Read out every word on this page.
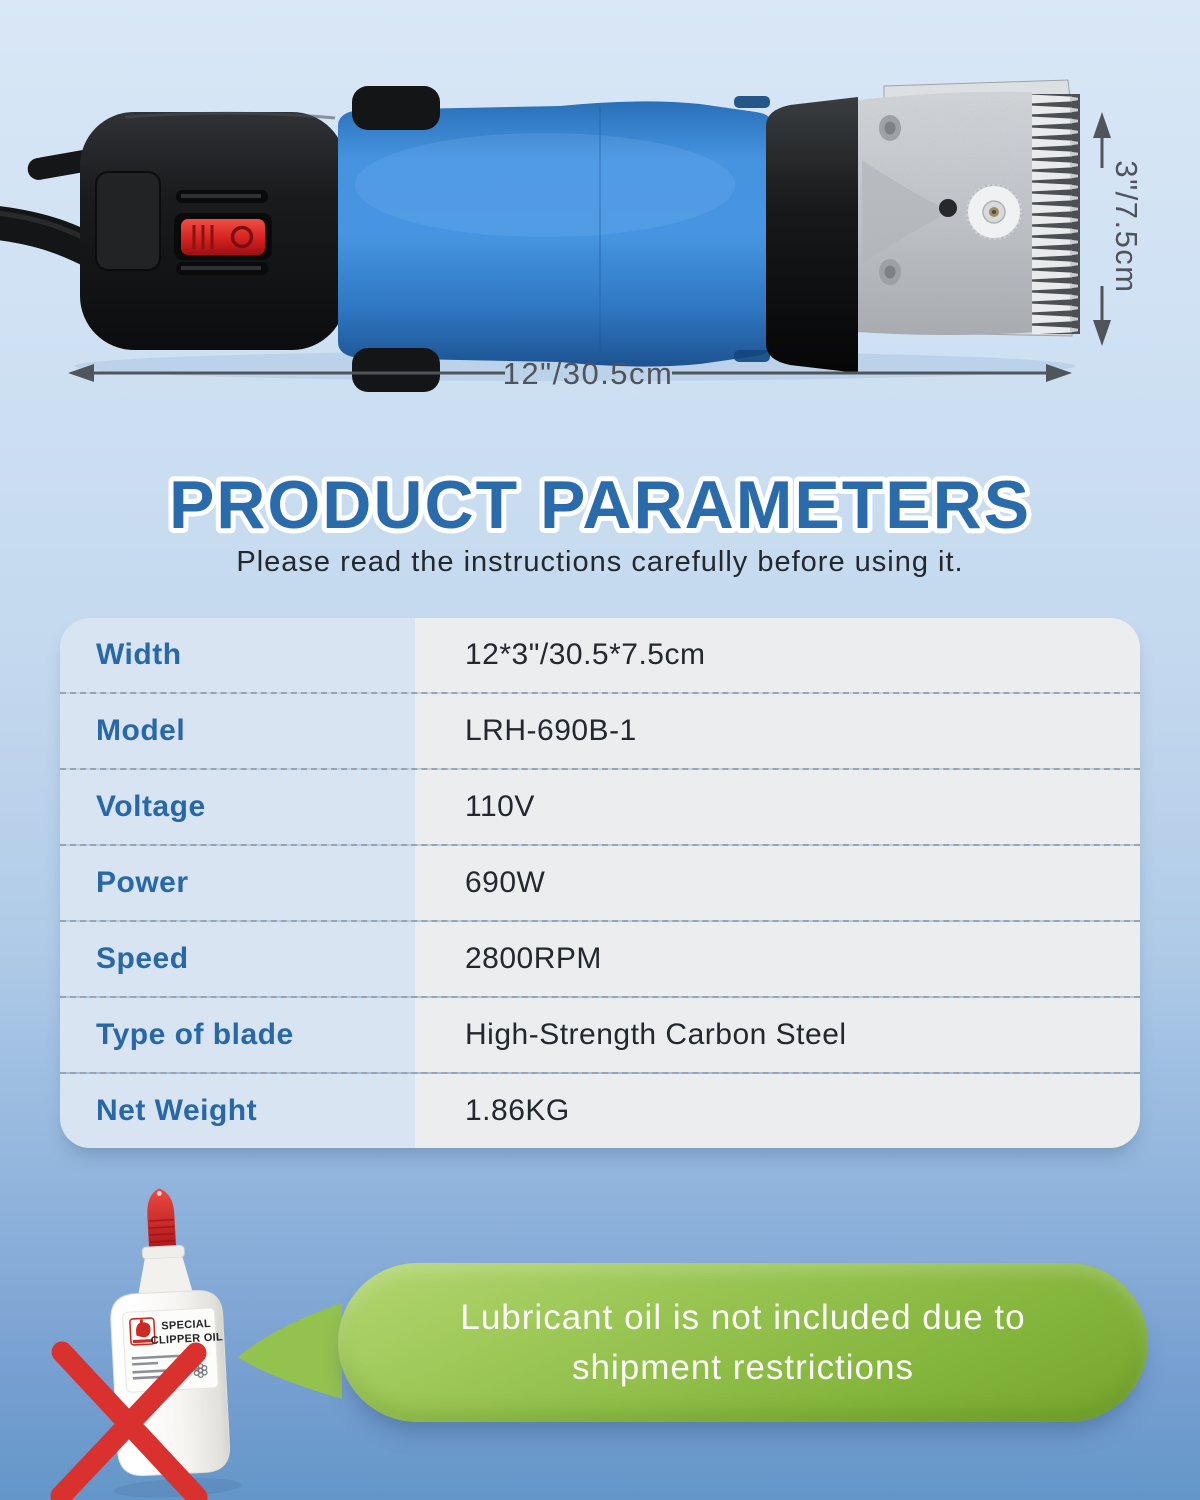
12"/30.5cm
3"/7.5cm
PRODUCT PARAMETERS
Please read the instructions carefully before using it.
Width	12*3"/30.5*7.5cm
Model	LRH-690B-1
Voltage	110V
Power	690W
Speed	2800RPM
Type of blade	High-Strength Carbon Steel
Net Weight	1.86KG
SPECIAL
CLIPPER OIL
Lubricant oil is not included due to
shipment restrictions
